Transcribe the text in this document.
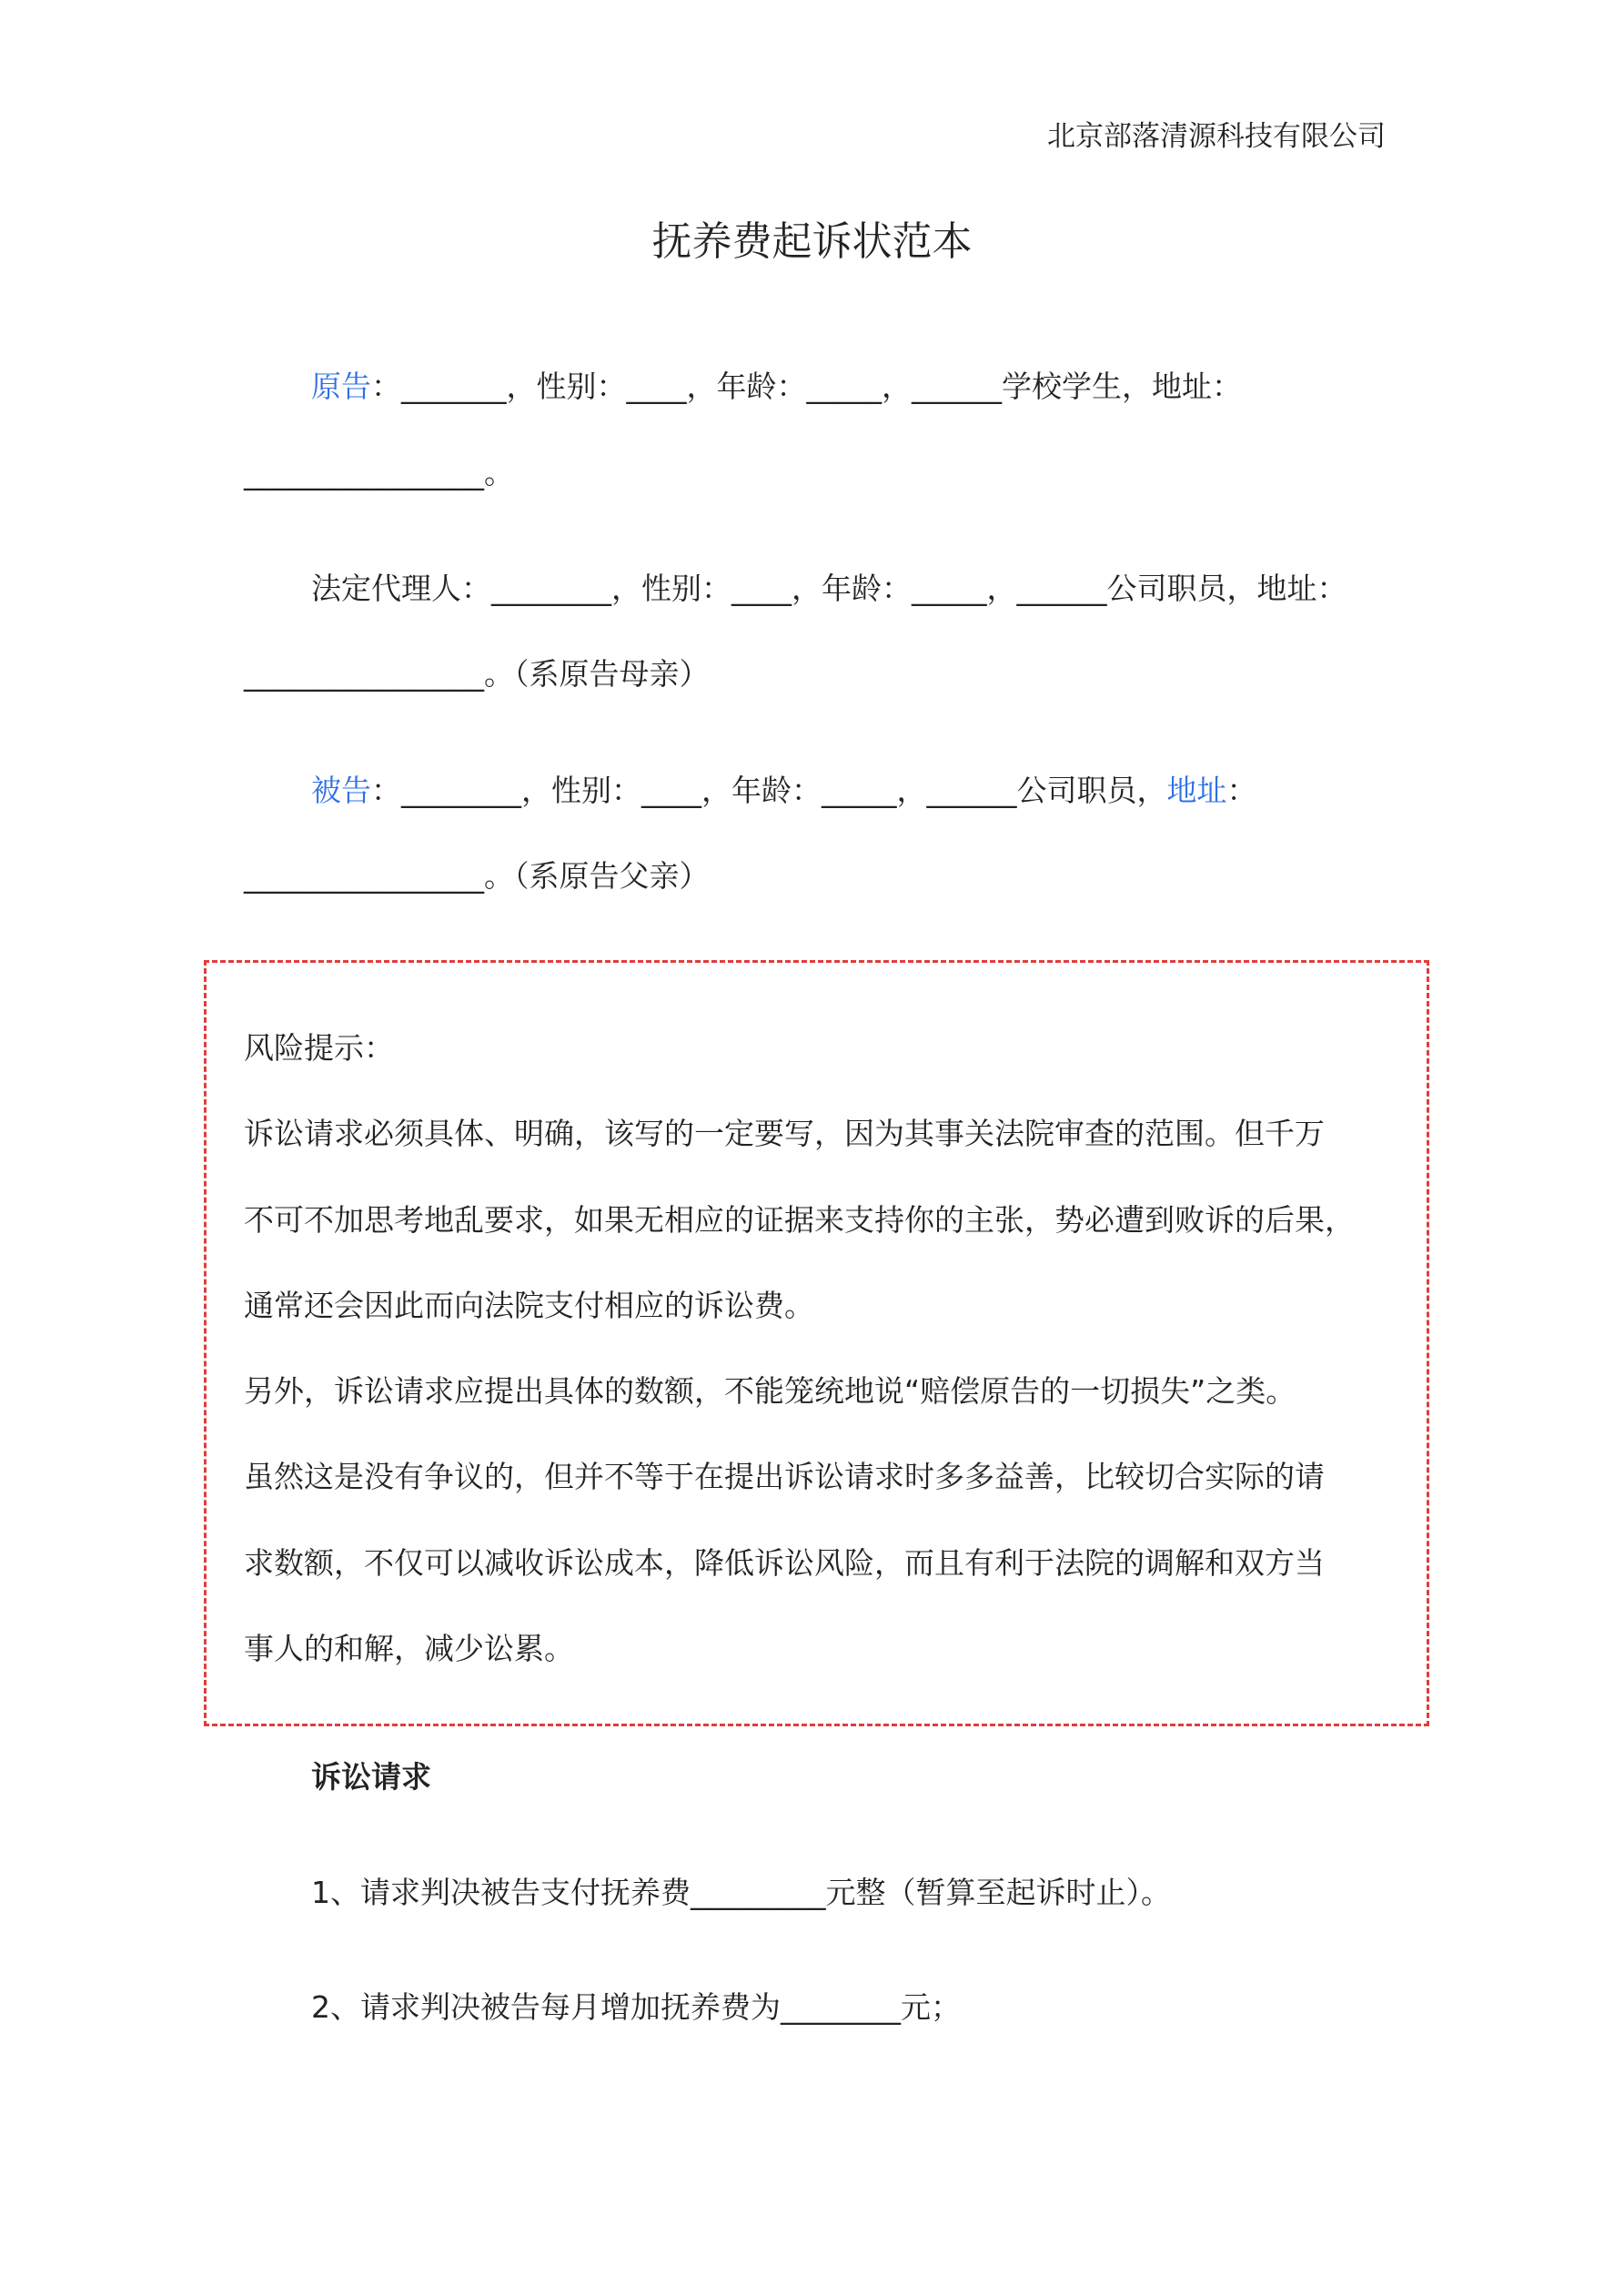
北京部落清源科技有限公司
抚养费起诉状范本
原告：_______，性别：____，年龄：_____，______学校学生，地址：
________________。
法定代理人：________，性别：____，年龄：_____，______公司职员，地址：
________________。（系原告母亲）
被告：________，性别：____，年龄：_____，______公司职员，地址：
________________。（系原告父亲）
风险提示：
诉讼请求必须具体、明确，该写的一定要写，因为其事关法院审查的范围。但千万
不可不加思考地乱要求，如果无相应的证据来支持你的主张，势必遭到败诉的后果，
通常还会因此而向法院支付相应的诉讼费。
另外，诉讼请求应提出具体的数额，不能笼统地说“赔偿原告的一切损失”之类。
虽然这是没有争议的，但并不等于在提出诉讼请求时多多益善，比较切合实际的请
求数额，不仅可以减收诉讼成本，降低诉讼风险，而且有利于法院的调解和双方当
事人的和解，减少讼累。
诉讼请求
1、请求判决被告支付抚养费_________元整（暂算至起诉时止）。
2、请求判决被告每月增加抚养费为________元；
